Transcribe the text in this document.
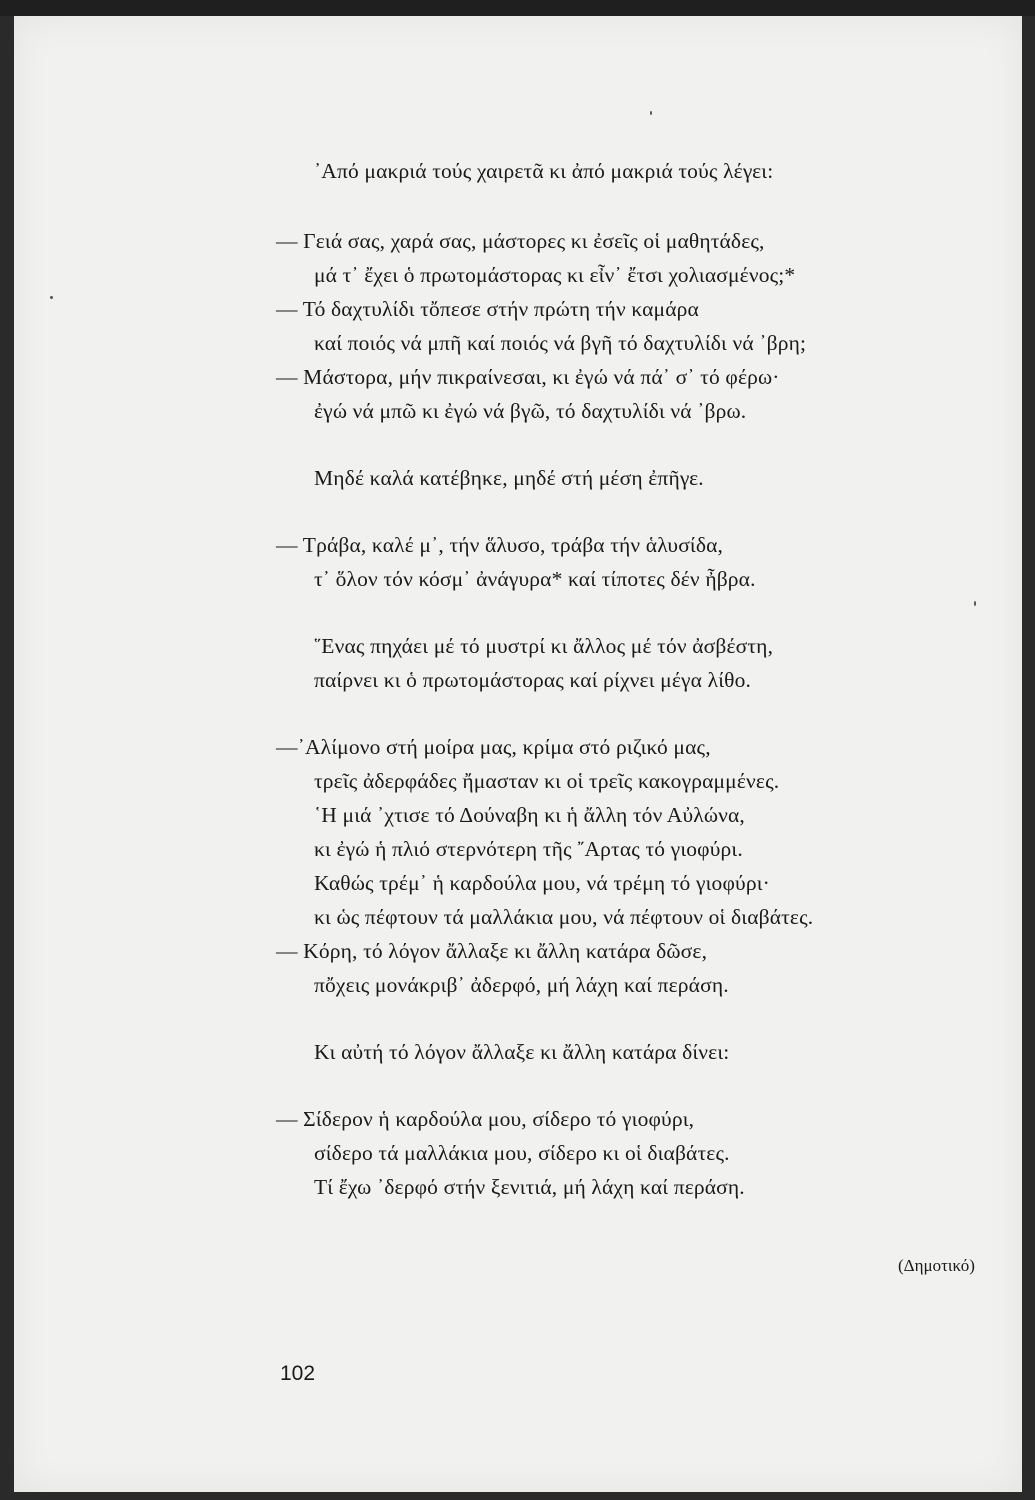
᾿Από μακριά τούς χαιρετᾶ κι ἀπό μακριά τούς λέγει:
— Γειά σας, χαρά σας, μάστορες κι ἐσεῖς οἱ μαθητάδες,
μά τ᾿ ἔχει ὁ πρωτομάστορας κι εἶν᾿ ἔτσι χολιασμένος;*
— Τό δαχτυλίδι τὄπεσε στήν πρώτη τήν καμάρα
καί ποιός νά μπῆ καί ποιός νά βγῆ τό δαχτυλίδι νά ᾿βρη;
— Μάστορα, μήν πικραίνεσαι, κι ἐγώ νά πά᾿ σ᾿ τό φέρω·
ἐγώ νά μπῶ κι ἐγώ νά βγῶ, τό δαχτυλίδι νά ᾿βρω.
Μηδέ καλά κατέβηκε, μηδέ στή μέση ἐπῆγε.
— Τράβα, καλέ μ᾿, τήν ἅλυσο, τράβα τήν ἁλυσίδα,
τ᾿ ὅλον τόν κόσμ᾿ ἀνάγυρα* καί τίποτες δέν ἦβρα.
῞Ενας πηχάει μέ τό μυστρί κι ἄλλος μέ τόν ἀσβέστη,
παίρνει κι ὁ πρωτομάστορας καί ρίχνει μέγα λίθο.
—᾿Αλίμονο στή μοίρα μας, κρίμα στό ριζικό μας,
τρεῖς ἀδερφάδες ἤμασταν κι οἱ τρεῖς κακογραμμένες.
῾Η μιά ᾿χτισε τό Δούναβη κι ἡ ἄλλη τόν Αὐλώνα,
κι ἐγώ ἡ πλιό στερνότερη τῆς ῎Αρτας τό γιοφύρι.
Καθώς τρέμ᾿ ἡ καρδούλα μου, νά τρέμη τό γιοφύρι·
κι ὡς πέφτουν τά μαλλάκια μου, νά πέφτουν οἱ διαβάτες.
— Κόρη, τό λόγον ἄλλαξε κι ἄλλη κατάρα δῶσε,
πὄχεις μονάκριβ᾿ ἀδερφό, μή λάχη καί περάση.
Κι αὐτή τό λόγον ἄλλαξε κι ἄλλη κατάρα δίνει:
— Σίδερον ἡ καρδούλα μου, σίδερο τό γιοφύρι,
σίδερο τά μαλλάκια μου, σίδερο κι οἱ διαβάτες.
Τί ἔχω ᾿δερφό στήν ξενιτιά, μή λάχη καί περάση.
(Δημοτικό)
102
